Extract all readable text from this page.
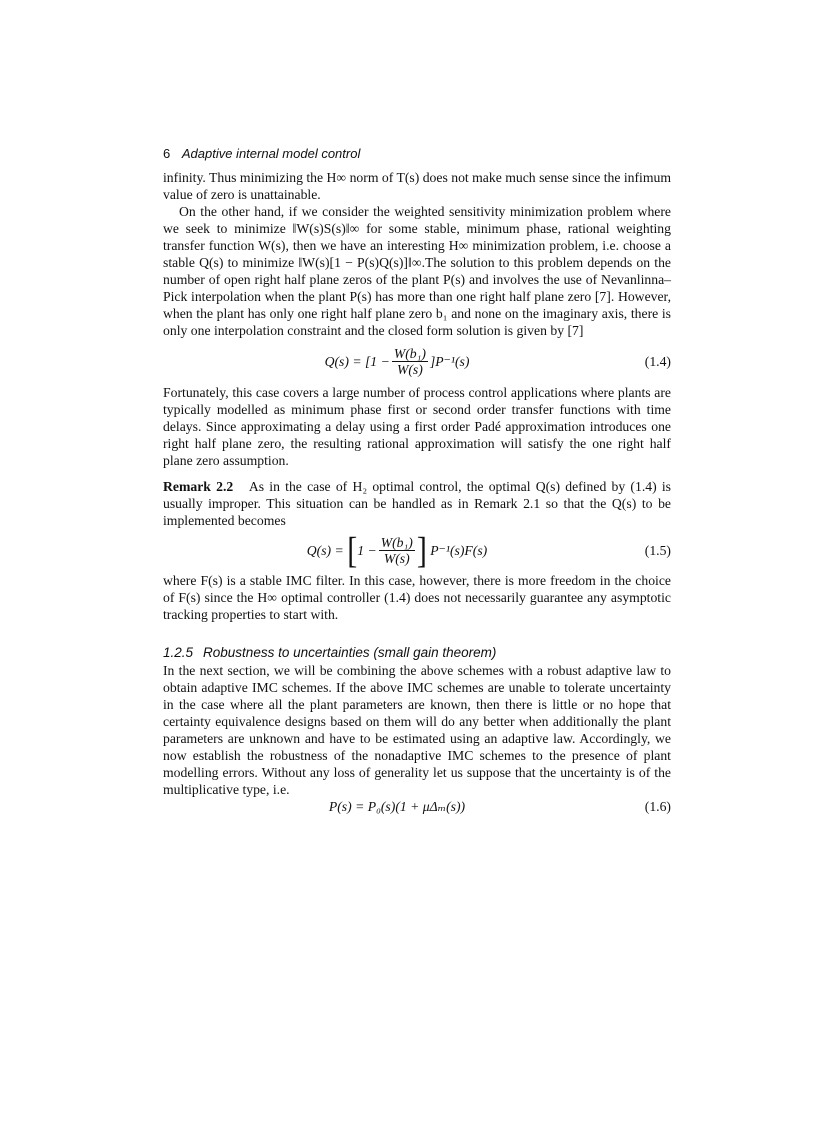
6 Adaptive internal model control

infinity. Thus minimizing the H∞ norm of T(s) does not make much sense since the infimum value of zero is unattainable.

On the other hand, if we consider the weighted sensitivity minimization problem where we seek to minimize ‖W(s)S(s)‖∞ for some stable, minimum phase, rational weighting transfer function W(s), then we have an interesting H∞ minimization problem, i.e. choose a stable Q(s) to minimize ‖W(s)[1 − P(s)Q(s)]‖∞.The solution to this problem depends on the number of open right half plane zeros of the plant P(s) and involves the use of Nevanlinna–Pick interpolation when the plant P(s) has more than one right half plane zero [7]. However, when the plant has only one right half plane zero b₁ and none on the imaginary axis, there is only one interpolation constraint and the closed form solution is given by [7]

$Q(s) = [1 - \frac{\text{W(b₁)}}{W(s)} ]P^{-1}(s)$	(1.4)

Fortunately, this case covers a large number of process control applications where plants are typically modelled as minimum phase first or second order transfer functions with time delays. Since approximating a delay using a first order Padé approximation introduces one right half plane zero, the resulting rational approximation will satisfy the one right half plane zero assumption.

Remark 2.2 As in the case of H₂ optimal control, the optimal Q(s) defined by (1.4) is usually improper. This situation can be handled as in Remark 2.1 so that the Q(s) to be implemented becomes

Q(s) =
[ $1 - \frac{\text{W(b₁)}}{W(s)}$ ]
P⁻¹(s)F(s)	(1.5)

where F(s) is a stable IMC filter. In this case, however, there is more freedom in the choice of F(s) since the H∞ optimal controller (1.4) does not necessarily guarantee any asymptotic tracking properties to start with.

1.2.5 Robustness to uncertainties (small gain theorem)

In the next section, we will be combining the above schemes with a robust adaptive law to obtain adaptive IMC schemes. If the above IMC schemes are unable to tolerate uncertainty in the case where all the plant parameters are known, then there is little or no hope that certainty equivalence designs based on them will do any better when additionally the plant parameters are unknown and have to be estimated using an adaptive law. Accordingly, we now establish the robustness of the nonadaptive IMC schemes to the presence of plant modelling errors. Without any loss of generality let us suppose that the uncertainty is of the multiplicative type, i.e.

P(s) = P₀(s)(1 + μΔₘ(s))	(1.6)
